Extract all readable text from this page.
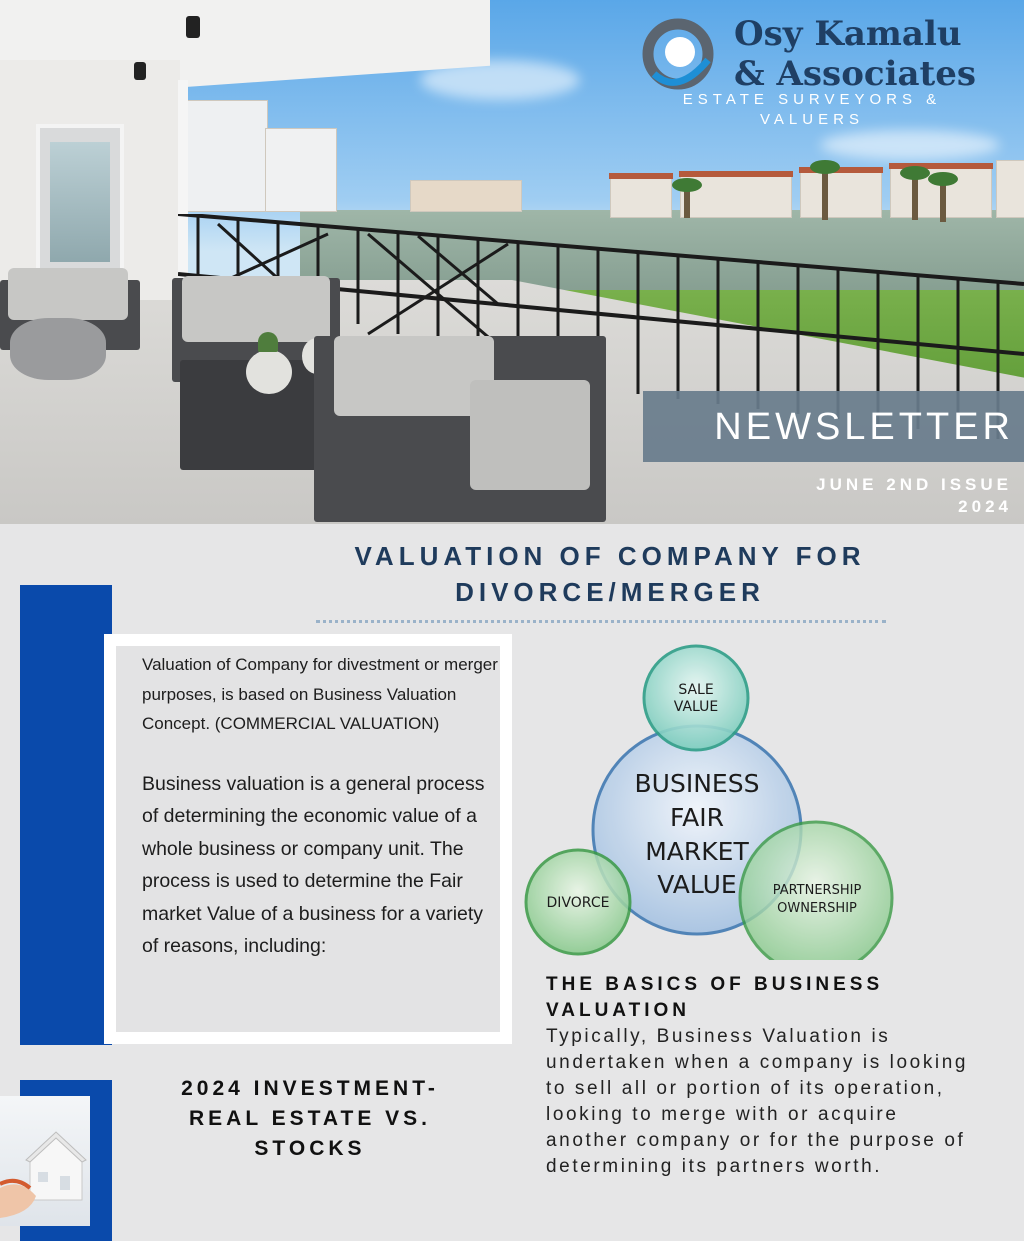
Osy Kamalu
& Associates

ESTATE SURVEYORS &
VALUERS

NEWSLETTER
JUNE 2ND ISSUE
2024
VALUATION OF COMPANY FOR
DIVORCE/MERGER

Valuation of Company for divestment or merger purposes, is based on Business Valuation Concept. (COMMERCIAL VALUATION)

Business valuation is a general process of determining the economic value of a whole business or company unit. The process is used to determine the Fair market Value of a business for a variety of reasons, including:

2024 INVESTMENT-
REAL ESTATE VS.
STOCKS
BUSINESS
FAIR
MARKET
VALUE
SALE
VALUE
DIVORCE
PARTNERSHIP
OWNERSHIP
THE BASICS OF BUSINESS
VALUATION

Typically, Business Valuation is undertaken when a company is looking to sell all or portion of its operation, looking to merge with or acquire another company or for the purpose of determining its partners worth.
